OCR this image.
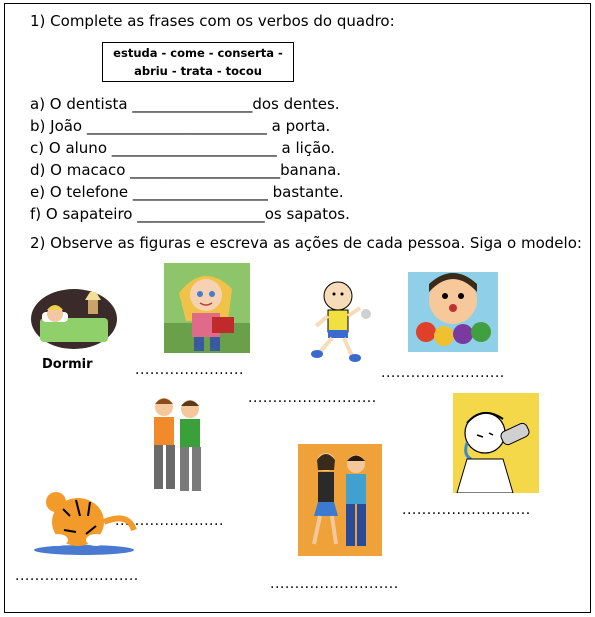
1) Complete as frases com os verbos do quadro:
estuda - come - conserta -
abriu - trata - tocou
a) O dentista ________________dos dentes.
b) João ________________________ a porta.
c) O aluno ______________________ a lição.
d) O macaco ____________________banana.
e) O telefone __________________ bastante.
f) O sapateiro _________________os sapatos.
2) Observe as figuras e escreva as ações de cada pessoa. Siga o modelo:
Dormir	......................
..........................
.........................
......................
.........................	..........................
..........................
